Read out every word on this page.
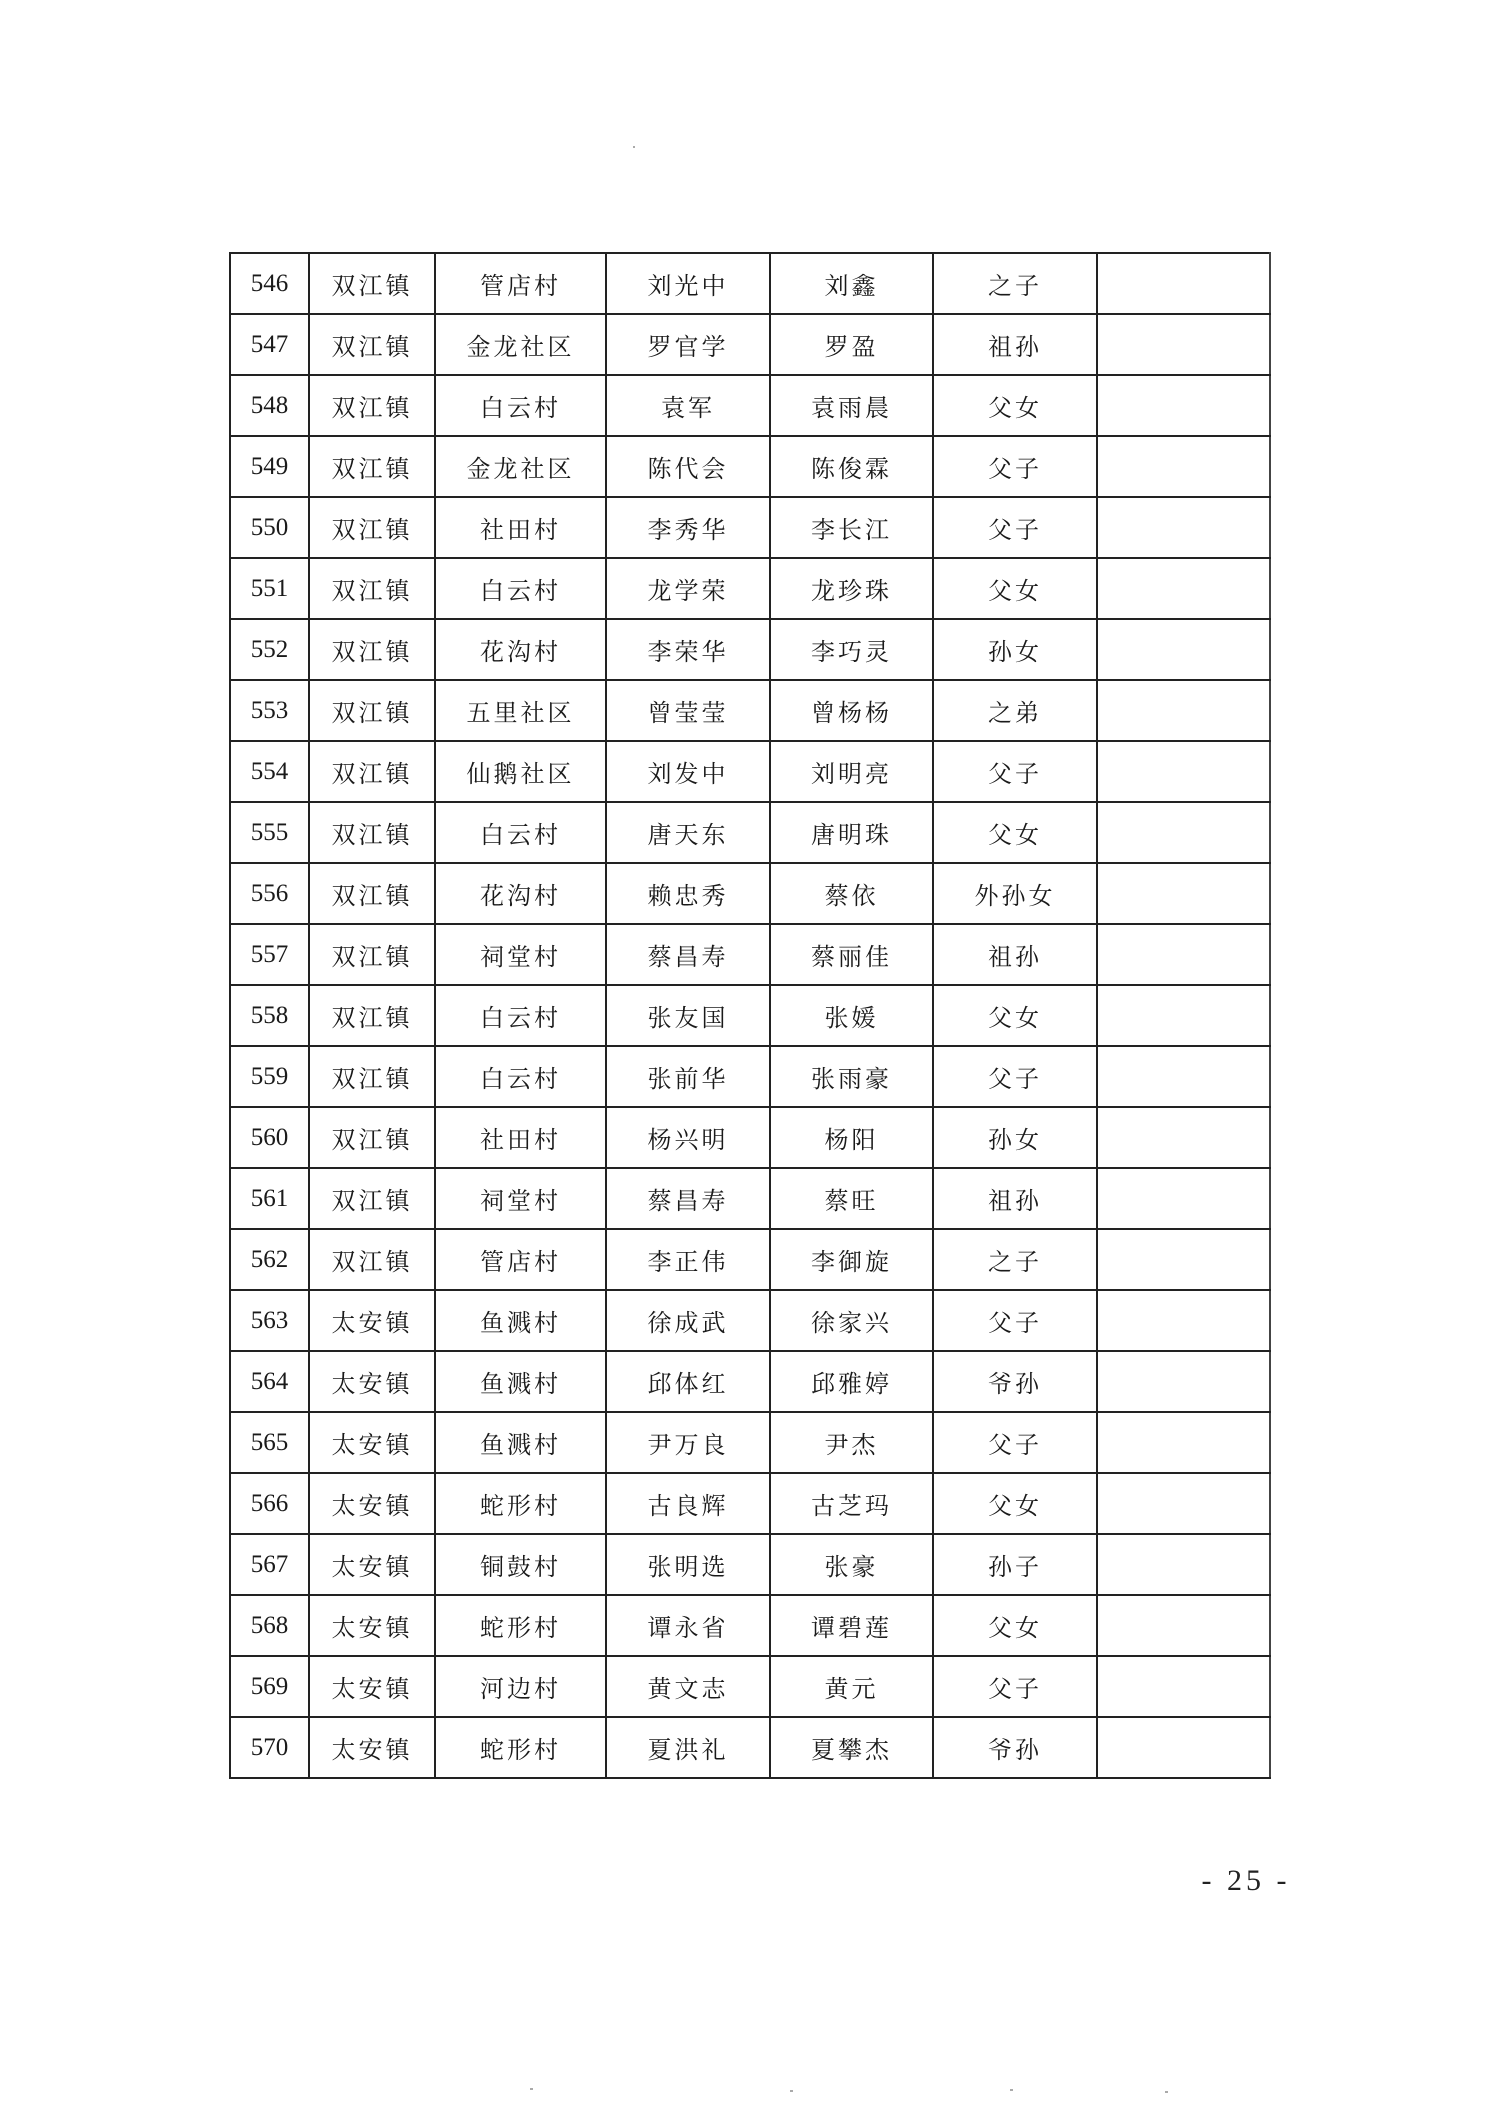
546	双江镇	管店村	刘光中	刘鑫	之子	
547	双江镇	金龙社区	罗官学	罗盈	祖孙	
548	双江镇	白云村	袁军	袁雨晨	父女	
549	双江镇	金龙社区	陈代会	陈俊霖	父子	
550	双江镇	社田村	李秀华	李长江	父子	
551	双江镇	白云村	龙学荣	龙珍珠	父女	
552	双江镇	花沟村	李荣华	李巧灵	孙女	
553	双江镇	五里社区	曾莹莹	曾杨杨	之弟	
554	双江镇	仙鹅社区	刘发中	刘明亮	父子	
555	双江镇	白云村	唐天东	唐明珠	父女	
556	双江镇	花沟村	赖忠秀	蔡依	外孙女	
557	双江镇	祠堂村	蔡昌寿	蔡丽佳	祖孙	
558	双江镇	白云村	张友国	张媛	父女	
559	双江镇	白云村	张前华	张雨豪	父子	
560	双江镇	社田村	杨兴明	杨阳	孙女	
561	双江镇	祠堂村	蔡昌寿	蔡旺	祖孙	
562	双江镇	管店村	李正伟	李御旋	之子	
563	太安镇	鱼溅村	徐成武	徐家兴	父子	
564	太安镇	鱼溅村	邱体红	邱雅婷	爷孙	
565	太安镇	鱼溅村	尹万良	尹杰	父子	
566	太安镇	蛇形村	古良辉	古芝玛	父女	
567	太安镇	铜鼓村	张明选	张豪	孙子	
568	太安镇	蛇形村	谭永省	谭碧莲	父女	
569	太安镇	河边村	黄文志	黄元	父子	
570	太安镇	蛇形村	夏洪礼	夏攀杰	爷孙	
- 25 -
